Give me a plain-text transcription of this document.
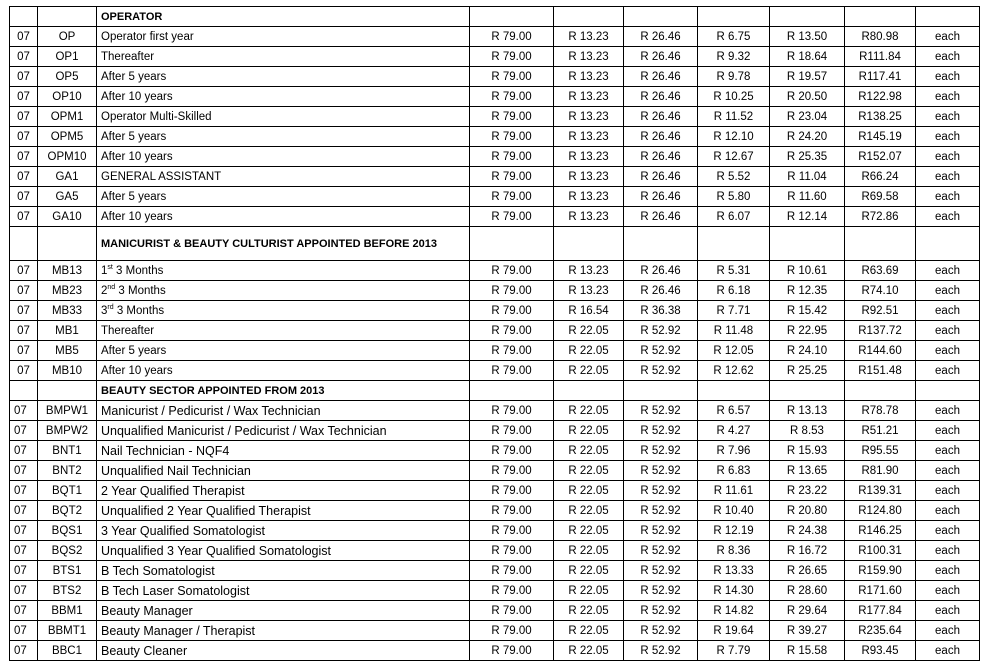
		OPERATOR							
07	OP	Operator first year	R 79.00	R 13.23	R 26.46	R 6.75	R 13.50	R80.98	each
07	OP1	Thereafter	R 79.00	R 13.23	R 26.46	R 9.32	R 18.64	R111.84	each
07	OP5	After 5 years	R 79.00	R 13.23	R 26.46	R 9.78	R 19.57	R117.41	each
07	OP10	After 10 years	R 79.00	R 13.23	R 26.46	R 10.25	R 20.50	R122.98	each
07	OPM1	Operator Multi-Skilled	R 79.00	R 13.23	R 26.46	R 11.52	R 23.04	R138.25	each
07	OPM5	After 5 years	R 79.00	R 13.23	R 26.46	R 12.10	R 24.20	R145.19	each
07	OPM10	After 10 years	R 79.00	R 13.23	R 26.46	R 12.67	R 25.35	R152.07	each
07	GA1	GENERAL ASSISTANT	R 79.00	R 13.23	R 26.46	R 5.52	R 11.04	R66.24	each
07	GA5	After 5 years	R 79.00	R 13.23	R 26.46	R 5.80	R 11.60	R69.58	each
07	GA10	After 10 years	R 79.00	R 13.23	R 26.46	R 6.07	R 12.14	R72.86	each
		MANICURIST & BEAUTY CULTURIST APPOINTED BEFORE 2013							
07	MB13	1st 3 Months	R 79.00	R 13.23	R 26.46	R 5.31	R 10.61	R63.69	each
07	MB23	2nd 3 Months	R 79.00	R 13.23	R 26.46	R 6.18	R 12.35	R74.10	each
07	MB33	3rd 3 Months	R 79.00	R 16.54	R 36.38	R 7.71	R 15.42	R92.51	each
07	MB1	Thereafter	R 79.00	R 22.05	R 52.92	R 11.48	R 22.95	R137.72	each
07	MB5	After 5 years	R 79.00	R 22.05	R 52.92	R 12.05	R 24.10	R144.60	each
07	MB10	After 10 years	R 79.00	R 22.05	R 52.92	R 12.62	R 25.25	R151.48	each
		BEAUTY SECTOR APPOINTED FROM 2013							
07	BMPW1	Manicurist / Pedicurist / Wax Technician	R 79.00	R 22.05	R 52.92	R 6.57	R 13.13	R78.78	each
07	BMPW2	Unqualified Manicurist / Pedicurist / Wax Technician	R 79.00	R 22.05	R 52.92	R 4.27	R 8.53	R51.21	each
07	BNT1	Nail Technician - NQF4	R 79.00	R 22.05	R 52.92	R 7.96	R 15.93	R95.55	each
07	BNT2	Unqualified Nail Technician	R 79.00	R 22.05	R 52.92	R 6.83	R 13.65	R81.90	each
07	BQT1	2 Year Qualified Therapist	R 79.00	R 22.05	R 52.92	R 11.61	R 23.22	R139.31	each
07	BQT2	Unqualified 2 Year Qualified Therapist	R 79.00	R 22.05	R 52.92	R 10.40	R 20.80	R124.80	each
07	BQS1	3 Year Qualified Somatologist	R 79.00	R 22.05	R 52.92	R 12.19	R 24.38	R146.25	each
07	BQS2	Unqualified 3 Year Qualified Somatologist	R 79.00	R 22.05	R 52.92	R 8.36	R 16.72	R100.31	each
07	BTS1	B Tech Somatologist	R 79.00	R 22.05	R 52.92	R 13.33	R 26.65	R159.90	each
07	BTS2	B Tech Laser Somatologist	R 79.00	R 22.05	R 52.92	R 14.30	R 28.60	R171.60	each
07	BBM1	Beauty Manager	R 79.00	R 22.05	R 52.92	R 14.82	R 29.64	R177.84	each
07	BBMT1	Beauty Manager / Therapist	R 79.00	R 22.05	R 52.92	R 19.64	R 39.27	R235.64	each
07	BBC1	Beauty Cleaner	R 79.00	R 22.05	R 52.92	R 7.79	R 15.58	R93.45	each
